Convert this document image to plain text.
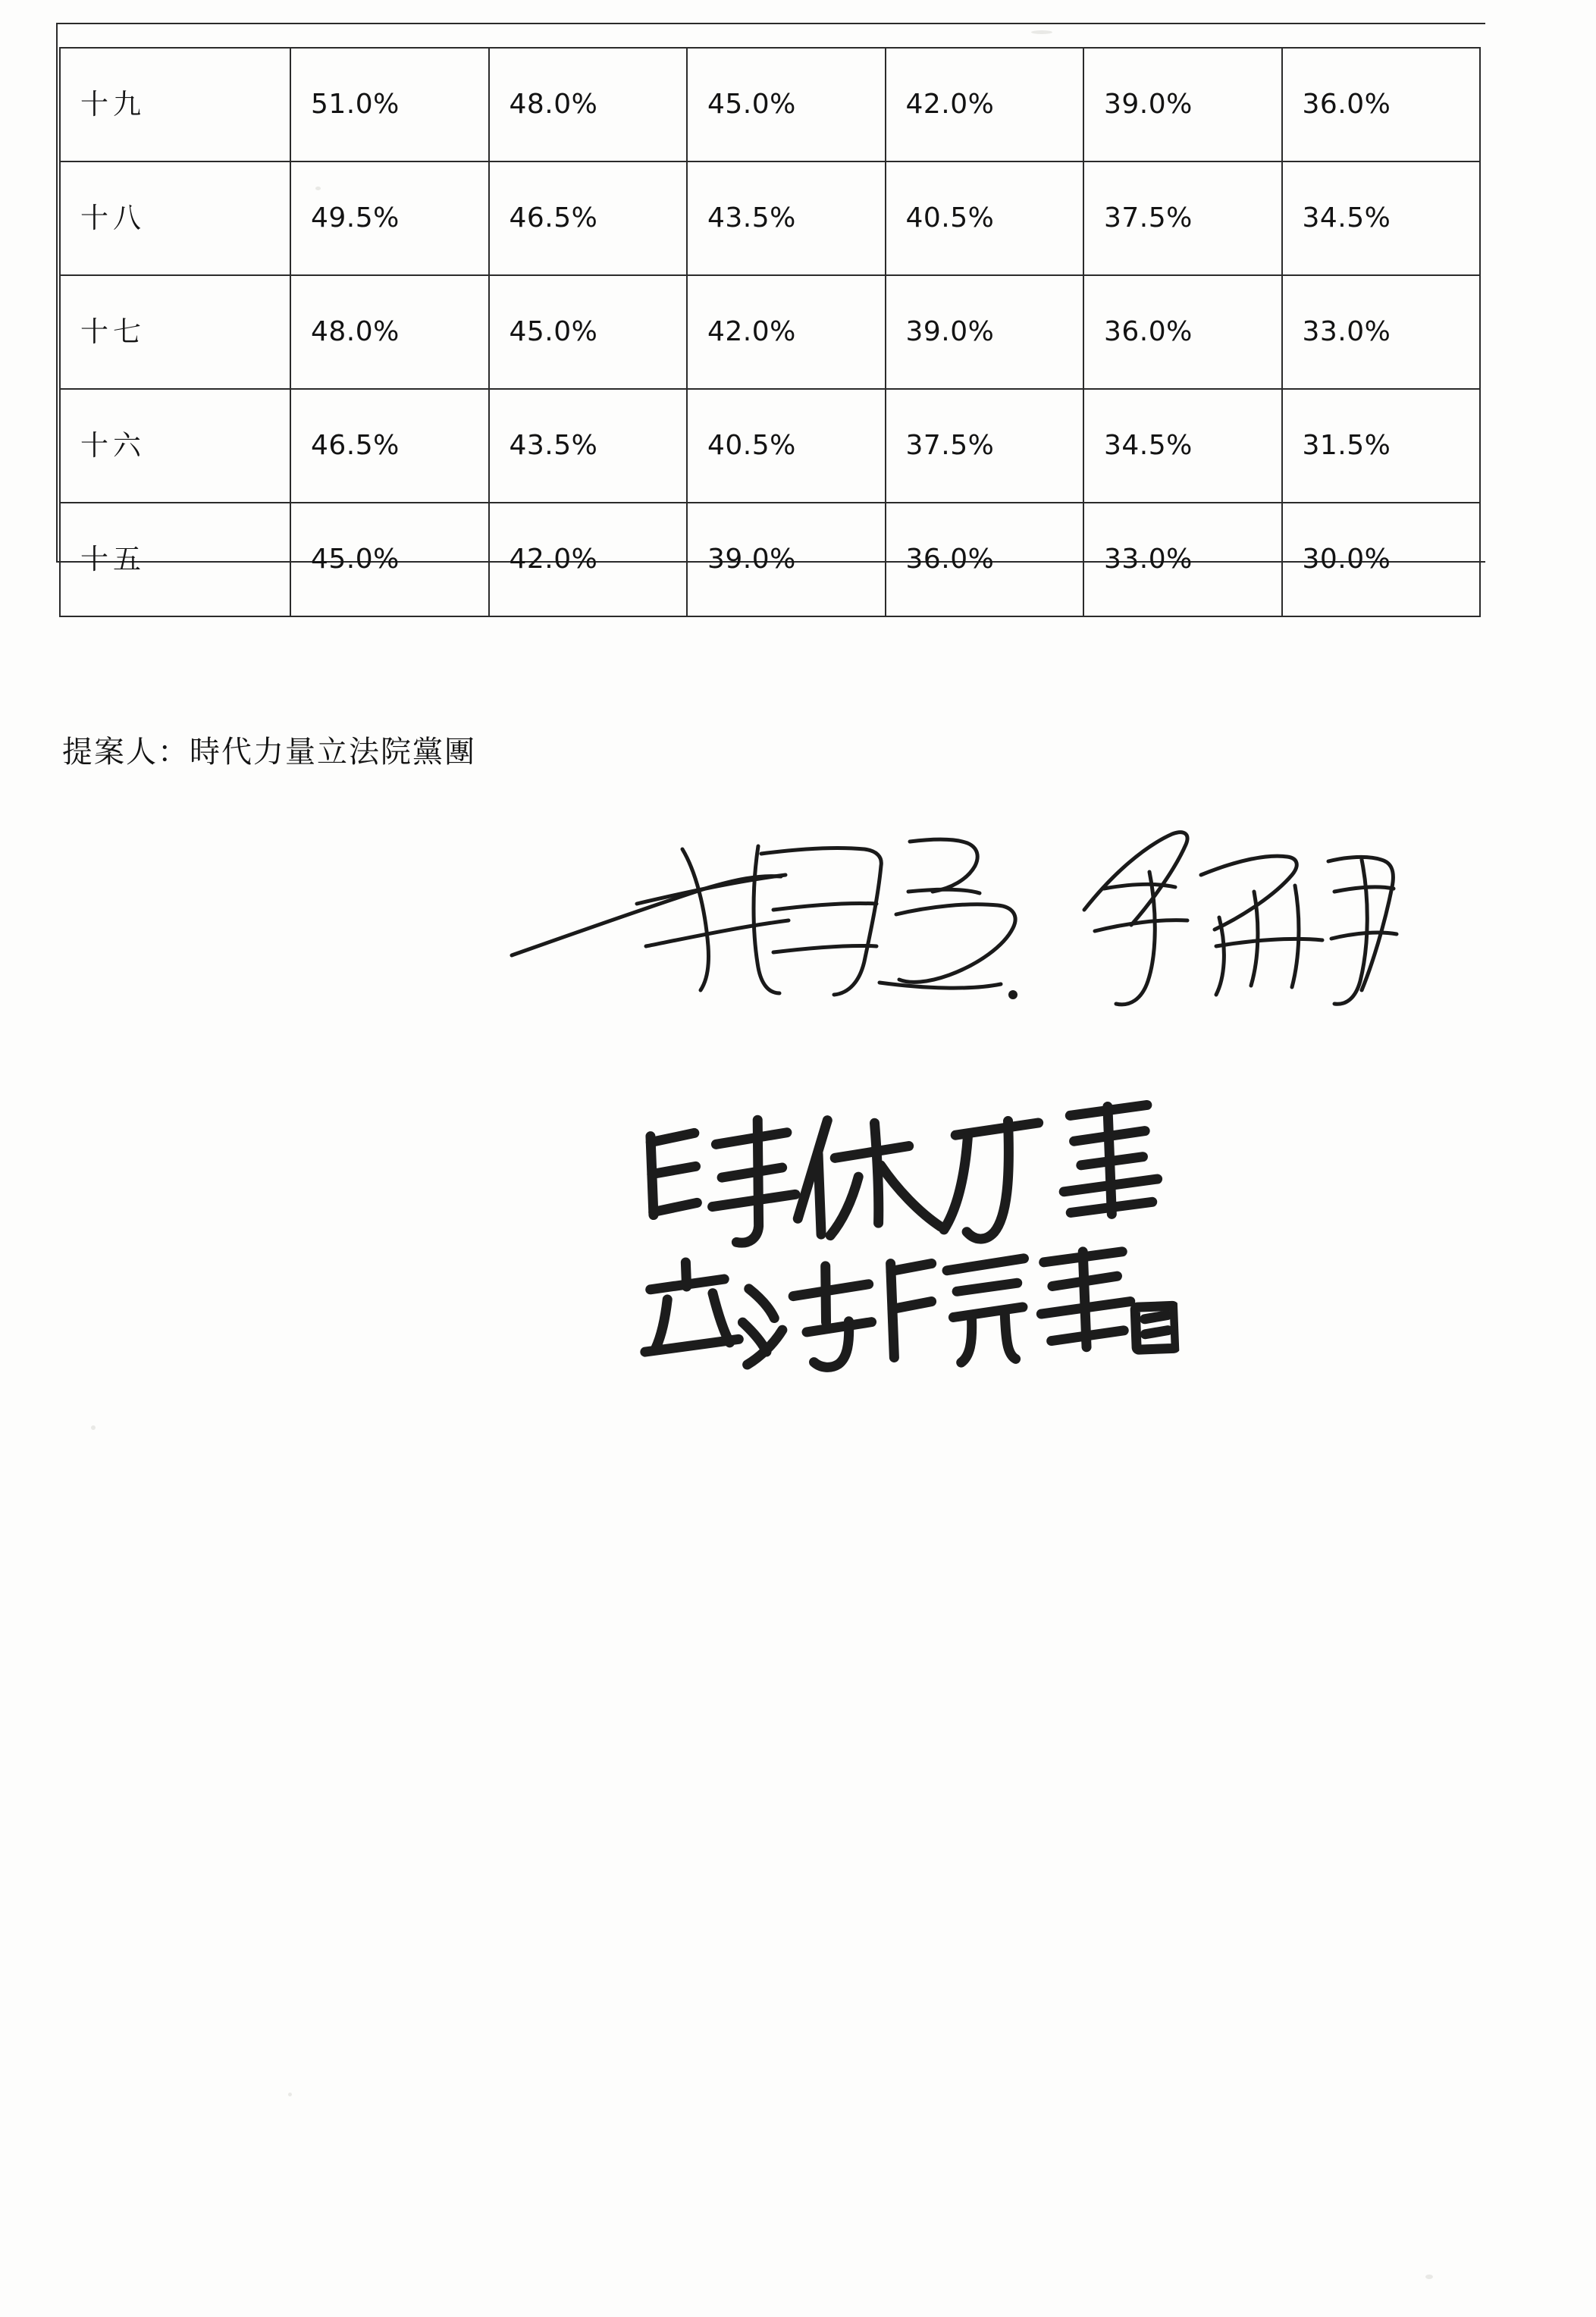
十九	51.0%	48.0%	45.0%	42.0%	39.0%	36.0%
十八	49.5%	46.5%	43.5%	40.5%	37.5%	34.5%
十七	48.0%	45.0%	42.0%	39.0%	36.0%	33.0%
十六	46.5%	43.5%	40.5%	37.5%	34.5%	31.5%
十五	45.0%	42.0%	39.0%	36.0%	33.0%	30.0%
提案人：時代力量立法院黨團
